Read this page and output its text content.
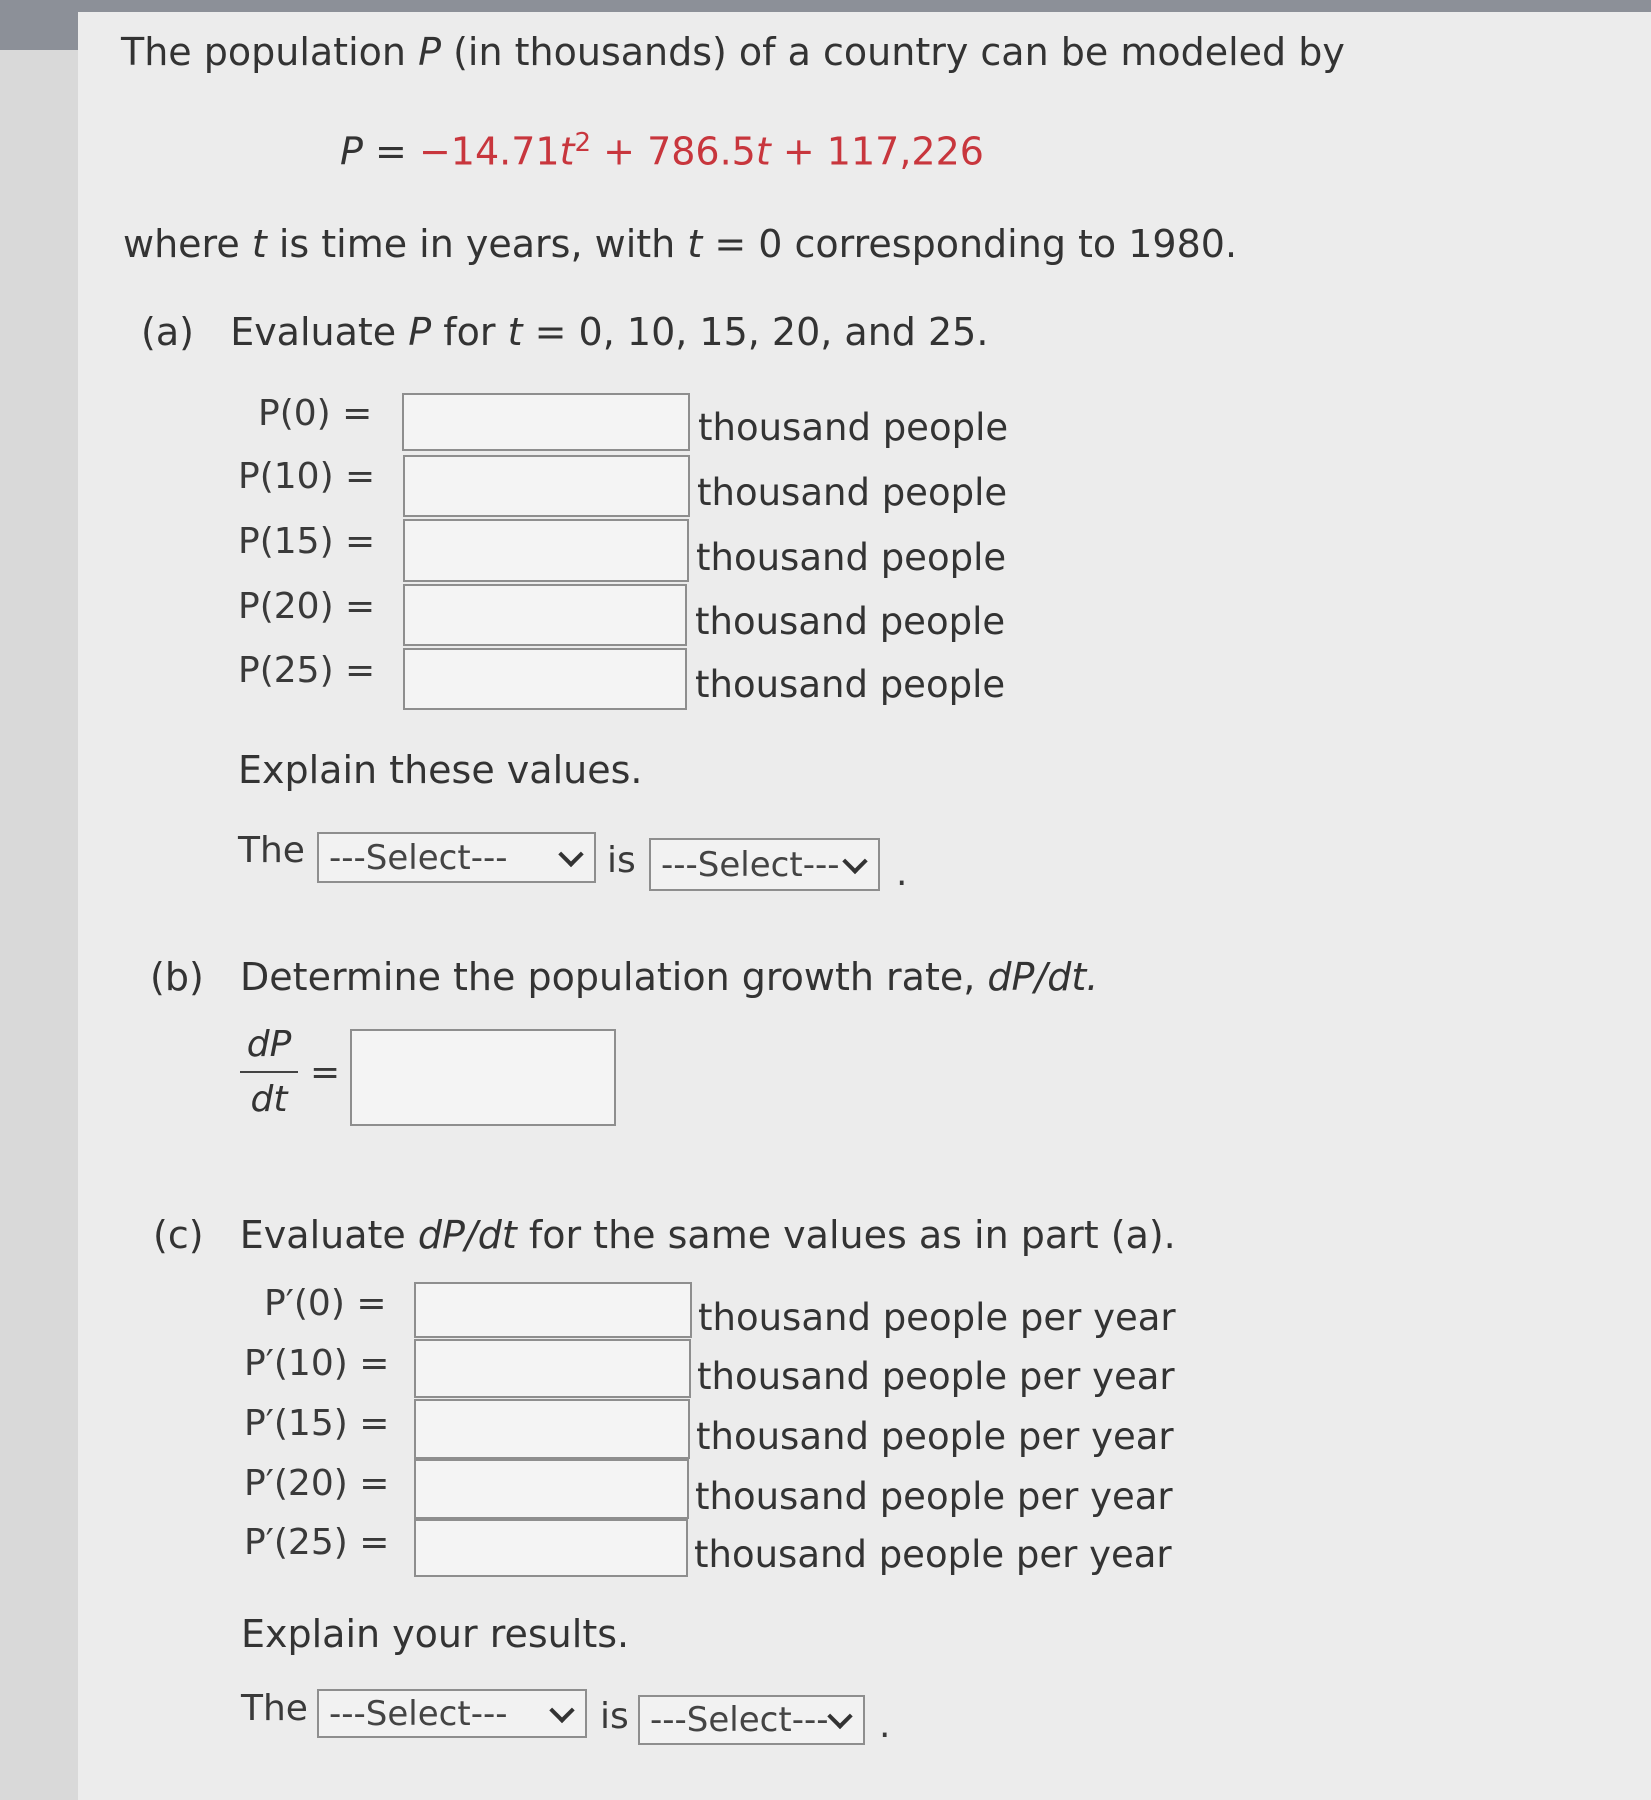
The population P (in thousands) of a country can be modeled by
$P = -14.71t^2 + 786.5t + 117,226$
where t is time in years, with t = 0 corresponding to 1980.
(a) Evaluate P for t = 0, 10, 15, 20, and 25.
P(0) =	thousand people
P(10) =	thousand people
P(15) =	thousand people
P(20) =	thousand people
P(25) =	thousand people
Explain these values.
The ---Select---	is ---Select--- .
(b) Determine the population growth rate, dP/dt.
dP
dt
=
(c) Evaluate dP/dt for the same values as in part (a).
P′(0) =	thousand people per year
P′(10) =	thousand people per year
P′(15) =	thousand people per year
P′(20) =	thousand people per year
P′(25) =	thousand people per year
Explain your results.
The ---Select---	is ---Select--- .
